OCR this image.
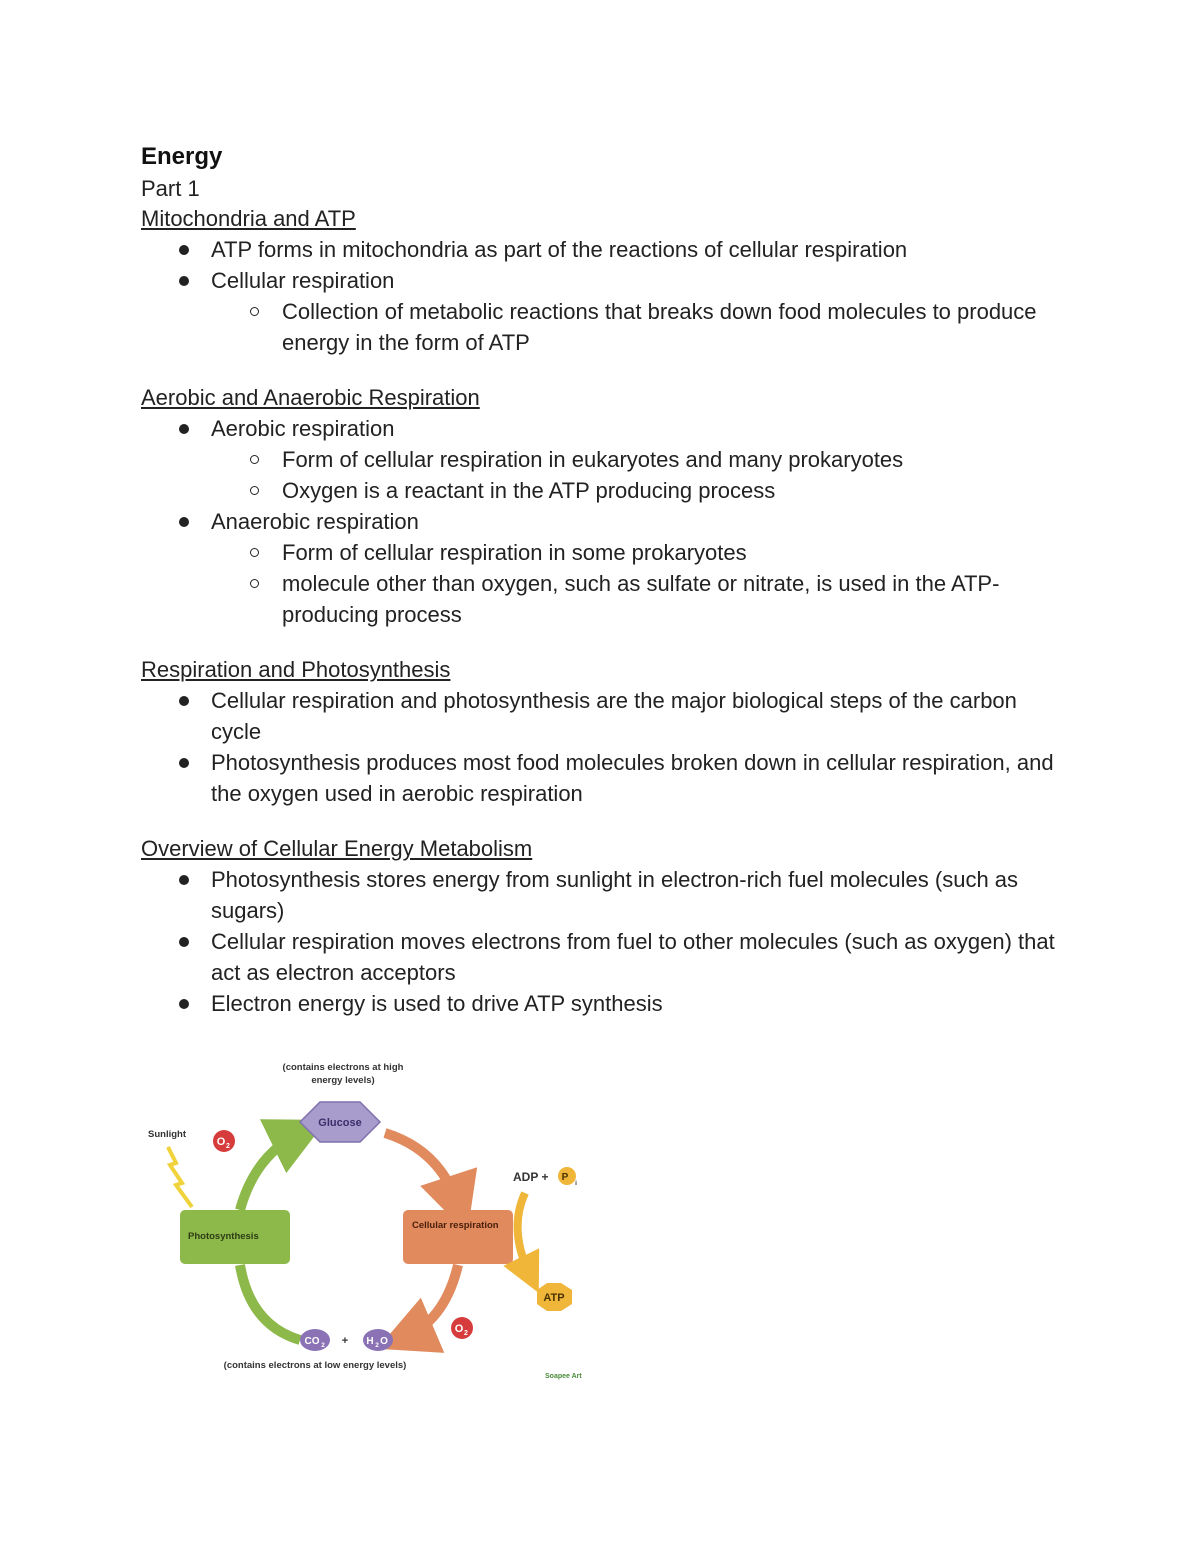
Energy

Part 1

Mitochondria and ATP

ATP forms in mitochondria as part of the reactions of cellular respiration
Cellular respiration
Collection of metabolic reactions that breaks down food molecules to produce energy in the form of ATP

Aerobic and Anaerobic Respiration

Aerobic respiration
Form of cellular respiration in eukaryotes and many prokaryotes
Oxygen is a reactant in the ATP producing process
Anaerobic respiration
Form of cellular respiration in some prokaryotes
molecule other than oxygen, such as sulfate or nitrate, is used in the ATP-producing process

Respiration and Photosynthesis

Cellular respiration and photosynthesis are the major biological steps of the carbon cycle
Photosynthesis produces most food molecules broken down in cellular respiration, and the oxygen used in aerobic respiration

Overview of Cellular Energy Metabolism

Photosynthesis stores energy from sunlight in electron-rich fuel molecules (such as sugars)
Cellular respiration moves electrons from fuel to other molecules (such as oxygen) that act as electron acceptors
Electron energy is used to drive ATP synthesis
(contains electrons at high
energy levels)
Glucose
Sunlight
O 2
Photosynthesis
Cellular respiration
ADP + P
i
ATP
O 2
CO 2 + H 2 O
(contains electrons at low energy levels)
Soapee Art
